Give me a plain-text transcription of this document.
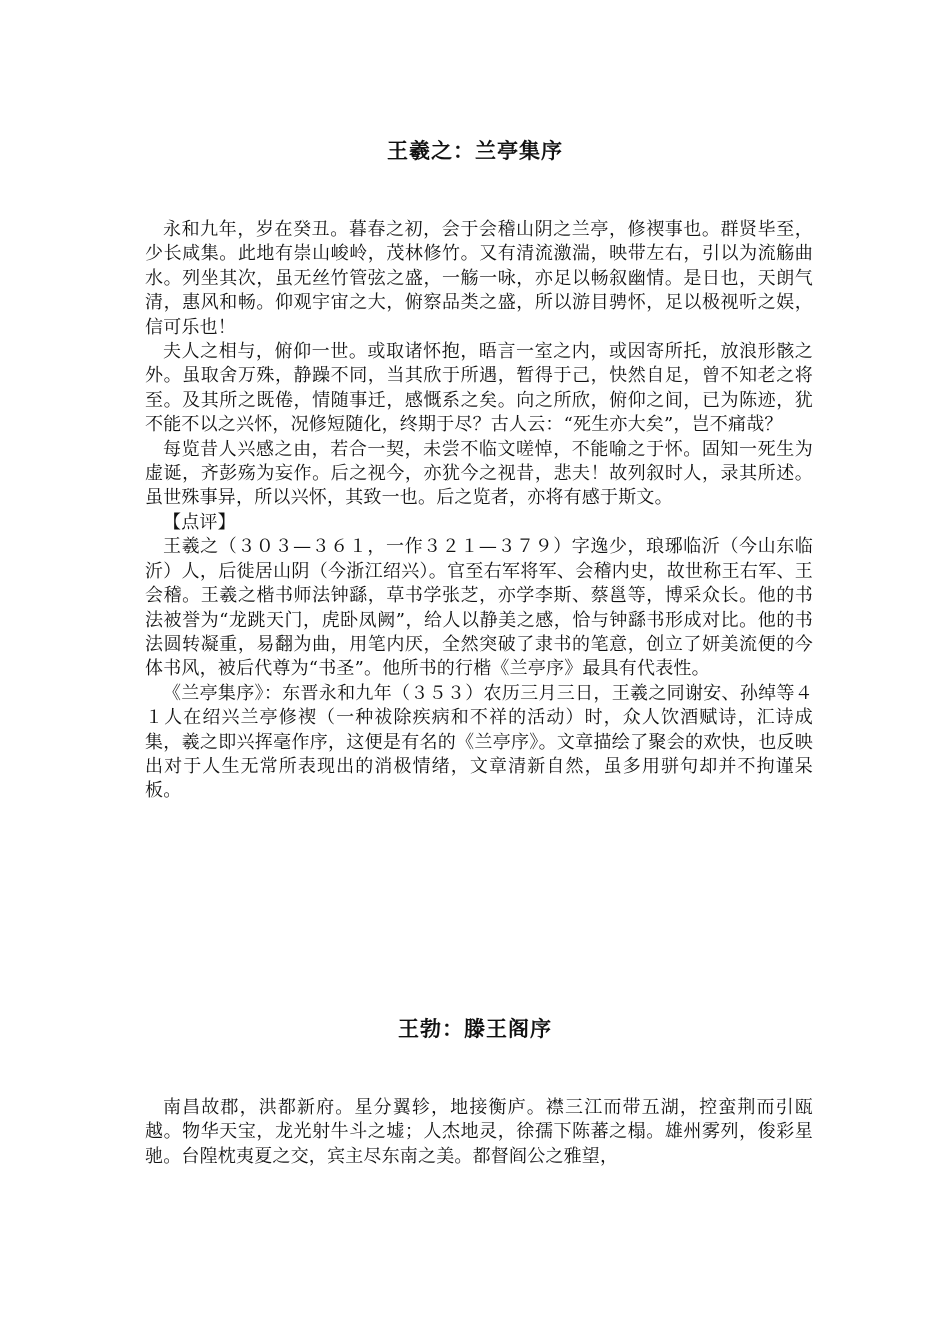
王羲之：兰亭集序

永和九年，岁在癸丑。暮春之初，会于会稽山阴之兰亭，修禊事也。群贤毕至，少长咸集。此地有崇山峻岭，茂林修竹。又有清流激湍，映带左右，引以为流觞曲水。列坐其次，虽无丝竹管弦之盛，一觞一咏，亦足以畅叙幽情。是日也，天朗气清，惠风和畅。仰观宇宙之大，俯察品类之盛，所以游目骋怀，足以极视听之娱，信可乐也！

夫人之相与，俯仰一世。或取诸怀抱，晤言一室之内，或因寄所托，放浪形骸之外。虽取舍万殊，静躁不同，当其欣于所遇，暂得于己，快然自足，曾不知老之将至。及其所之既倦，情随事迁，感慨系之矣。向之所欣，俯仰之间，已为陈迹，犹不能不以之兴怀，况修短随化，终期于尽？古人云：“死生亦大矣”，岂不痛哉？

每览昔人兴感之由，若合一契，未尝不临文嗟悼，不能喻之于怀。固知一死生为虚诞，齐彭殇为妄作。后之视今，亦犹今之视昔，悲夫！故列叙时人，录其所述。虽世殊事异，所以兴怀，其致一也。后之览者，亦将有感于斯文。

【点评】

王羲之（３０３—３６１，一作３２１—３７９）字逸少，琅琊临沂（今山东临沂）人，后徙居山阴（今浙江绍兴）。官至右军将军、会稽内史，故世称王右军、王会稽。王羲之楷书师法钟繇，草书学张芝，亦学李斯、蔡邕等，博采众长。他的书法被誉为“龙跳天门，虎卧凤阙”，给人以静美之感，恰与钟繇书形成对比。他的书法圆转凝重，易翻为曲，用笔内厌，全然突破了隶书的笔意，创立了妍美流便的今体书风，被后代尊为“书圣”。他所书的行楷《兰亭序》最具有代表性。

《兰亭集序》：东晋永和九年（３５３）农历三月三日，王羲之同谢安、孙绰等４１人在绍兴兰亭修禊（一种祓除疾病和不祥的活动）时，众人饮酒赋诗，汇诗成集，羲之即兴挥毫作序，这便是有名的《兰亭序》。文章描绘了聚会的欢快，也反映出对于人生无常所表现出的消极情绪，文章清新自然，虽多用骈句却并不拘谨呆板。

王勃：滕王阁序

南昌故郡，洪都新府。星分翼轸，地接衡庐。襟三江而带五湖，控蛮荆而引瓯越。物华天宝，龙光射牛斗之墟；人杰地灵，徐孺下陈蕃之榻。雄州雾列，俊彩星驰。台隍枕夷夏之交，宾主尽东南之美。都督阎公之雅望，
